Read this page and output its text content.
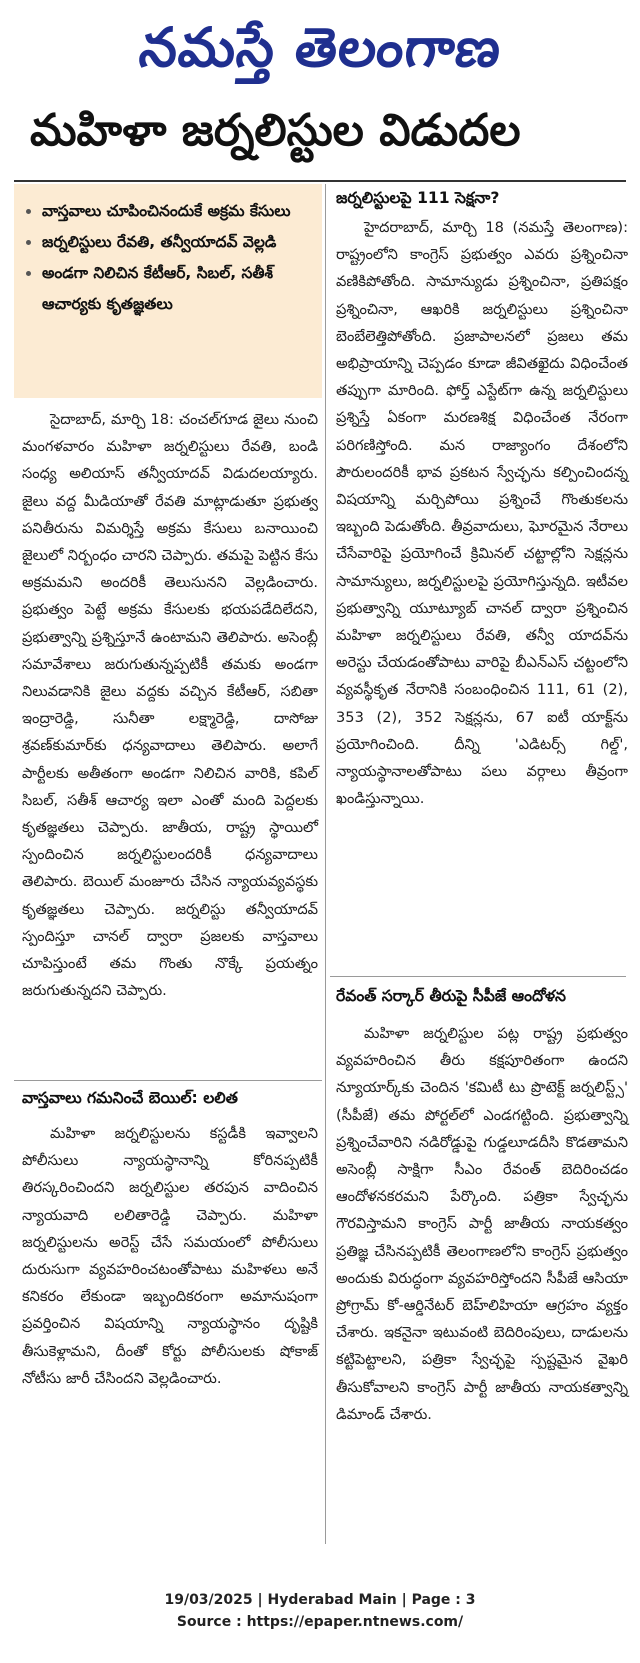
నమస్తే తెలంగాణ
మహిళా జర్నలిస్టుల విడుదల
• వాస్తవాలు చూపించినందుకే అక్రమ కేసులు
• జర్నలిస్టులు రేవతి, తన్వీయాదవ్ వెల్లడి
• అండగా నిలిచిన కేటీఆర్, సిబల్, సతీశ్ ఆచార్యకు కృతజ్ఞతలు

సైదాబాద్, మార్చి 18: చంచల్‌గూడ జైలు నుంచి మంగళవారం మహిళా జర్నలిస్టులు రేవతి, బండి సంధ్య అలియాస్ తన్వీయాదవ్ విడుదలయ్యారు. జైలు వద్ద మీడియాతో రేవతి మాట్లాడుతూ ప్రభుత్వ పనితీరును విమర్శిస్తే అక్రమ కేసులు బనాయించి జైలులో నిర్బంధం చారని చెప్పారు. తమపై పెట్టిన కేసు అక్రమమని అందరికీ తెలుసునని వెల్లడించారు. ప్రభుత్వం పెట్టే అక్రమ కేసులకు భయపడేదిలేదని, ప్రభుత్వాన్ని ప్రశ్నిస్తూనే ఉంటామని తెలిపారు. అసెంబ్లీ సమావేశాలు జరుగుతున్నప్పటికీ తమకు అండగా నిలువడానికి జైలు వద్దకు వచ్చిన కేటీఆర్, సబితా ఇంద్రారెడ్డి, సునీతా లక్ష్మారెడ్డి, దాసోజు శ్రవణ్‌కుమార్‌కు ధన్యవాదాలు తెలిపారు. అలాగే పార్టీలకు అతీతంగా అండగా నిలిచిన వారికి, కపిల్ సిబల్, సతీశ్ ఆచార్య ఇలా ఎంతో మంది పెద్దలకు కృతజ్ఞతలు చెప్పారు. జాతీయ, రాష్ట్ర స్థాయిలో స్పందించిన జర్నలిస్టులందరికీ ధన్యవాదాలు తెలిపారు. బెయిల్ మంజూరు చేసిన న్యాయవ్యవస్థకు కృతజ్ఞతలు చెప్పారు. జర్నలిస్టు తన్వీయాదవ్ స్పందిస్తూ చానల్ ద్వారా ప్రజలకు వాస్తవాలు చూపిస్తుంటే తమ గొంతు నొక్కే ప్రయత్నం జరుగుతున్నదని చెప్పారు.

వాస్తవాలు గమనించే బెయిల్: లలిత

మహిళా జర్నలిస్టులను కస్టడీకి ఇవ్వాలని పోలీసులు న్యాయస్థానాన్ని కోరినప్పటికీ తిరస్కరించిందని జర్నలిస్టుల తరపున వాదించిన న్యాయవాది లలితారెడ్డి చెప్పారు. మహిళా జర్నలిస్టులను అరెస్ట్ చేసే సమయంలో పోలీసులు దురుసుగా వ్యవహరించటంతోపాటు మహిళలు అనే కనికరం లేకుండా ఇబ్బందికరంగా అమానుషంగా ప్రవర్తించిన విషయాన్ని న్యాయస్థానం దృష్టికి తీసుకెళ్లామని, దీంతో కోర్టు పోలీసులకు షోకాజ్ నోటీసు జారీ చేసిందని వెల్లడించారు.

జర్నలిస్టులపై 111 సెక్షనా?

హైదరాబాద్, మార్చి 18 (నమస్తే తెలంగాణ): రాష్ట్రంలోని కాంగ్రెస్ ప్రభుత్వం ఎవరు ప్రశ్నించినా వణికిపోతోంది. సామాన్యుడు ప్రశ్నించినా, ప్రతిపక్షం ప్రశ్నించినా, ఆఖరికి జర్నలిస్టులు ప్రశ్నించినా బెంబేలెత్తిపోతోంది. ప్రజాపాలనలో ప్రజలు తమ అభిప్రాయాన్ని చెప్పడం కూడా జీవితఖైదు విధించేంత తప్పుగా మారింది. ఫోర్త్ ఎస్టేట్‌గా ఉన్న జర్నలిస్టులు ప్రశ్నిస్తే ఏకంగా మరణశిక్ష విధించేంత నేరంగా పరిగణిస్తోంది. మన రాజ్యాంగం దేశంలోని పౌరులందరికీ భావ ప్రకటన స్వేచ్ఛను కల్పించిందన్న విషయాన్ని మర్చిపోయి ప్రశ్నించే గొంతుకలను ఇబ్బంది పెడుతోంది. తీవ్రవాదులు, ఘోరమైన నేరాలు చేసేవారిపై ప్రయోగించే క్రిమినల్ చట్టాల్లోని సెక్షన్లను సామాన్యులు, జర్నలిస్టులపై ప్రయోగిస్తున్నది. ఇటీవల ప్రభుత్వాన్ని యూట్యూబ్ చానల్ ద్వారా ప్రశ్నించిన మహిళా జర్నలిస్టులు రేవతి, తన్వీ యాదవ్‌ను అరెస్టు చేయడంతోపాటు వారిపై బీఎన్‌ఎస్ చట్టంలోని వ్యవస్థీకృత నేరానికి సంబంధించిన 111, 61 (2), 353 (2), 352 సెక్షన్లను, 67 ఐటీ యాక్ట్‌ను ప్రయోగించింది. దీన్ని 'ఎడిటర్స్ గిల్డ్', న్యాయస్థానాలతోపాటు పలు వర్గాలు తీవ్రంగా ఖండిస్తున్నాయి.

రేవంత్ సర్కార్ తీరుపై సీపీజే ఆందోళన

మహిళా జర్నలిస్టుల పట్ల రాష్ట్ర ప్రభుత్వం వ్యవహరించిన తీరు కక్షపూరితంగా ఉందని న్యూయార్క్‌కు చెందిన 'కమిటీ టు ప్రొటెక్ట్ జర్నలిస్ట్స్' (సీపీజే) తమ పోర్టల్‌లో ఎండగట్టింది. ప్రభుత్వాన్ని ప్రశ్నించేవారిని నడిరోడ్డుపై గుడ్డలూడదీసి కొడతామని అసెంబ్లీ సాక్షిగా సీఎం రేవంత్ బెదిరించడం ఆందోళనకరమని పేర్కొంది. పత్రికా స్వేచ్ఛను గౌరవిస్తామని కాంగ్రెస్ పార్టీ జాతీయ నాయకత్వం ప్రతిజ్ఞ చేసినప్పటికీ తెలంగాణలోని కాంగ్రెస్ ప్రభుత్వం అందుకు విరుద్ధంగా వ్యవహరిస్తోందని సీపీజే ఆసియా ప్రోగ్రామ్ కో-ఆర్డినేటర్ బెహ్‌లిహియా ఆగ్రహం వ్యక్తం చేశారు. ఇకనైనా ఇటువంటి బెదిరింపులు, దాడులను కట్టిపెట్టాలని, పత్రికా స్వేచ్ఛపై స్పష్టమైన వైఖరి తీసుకోవాలని కాంగ్రెస్ పార్టీ జాతీయ నాయకత్వాన్ని డిమాండ్ చేశారు.

19/03/2025 | Hyderabad Main | Page : 3
Source : https://epaper.ntnews.com/
